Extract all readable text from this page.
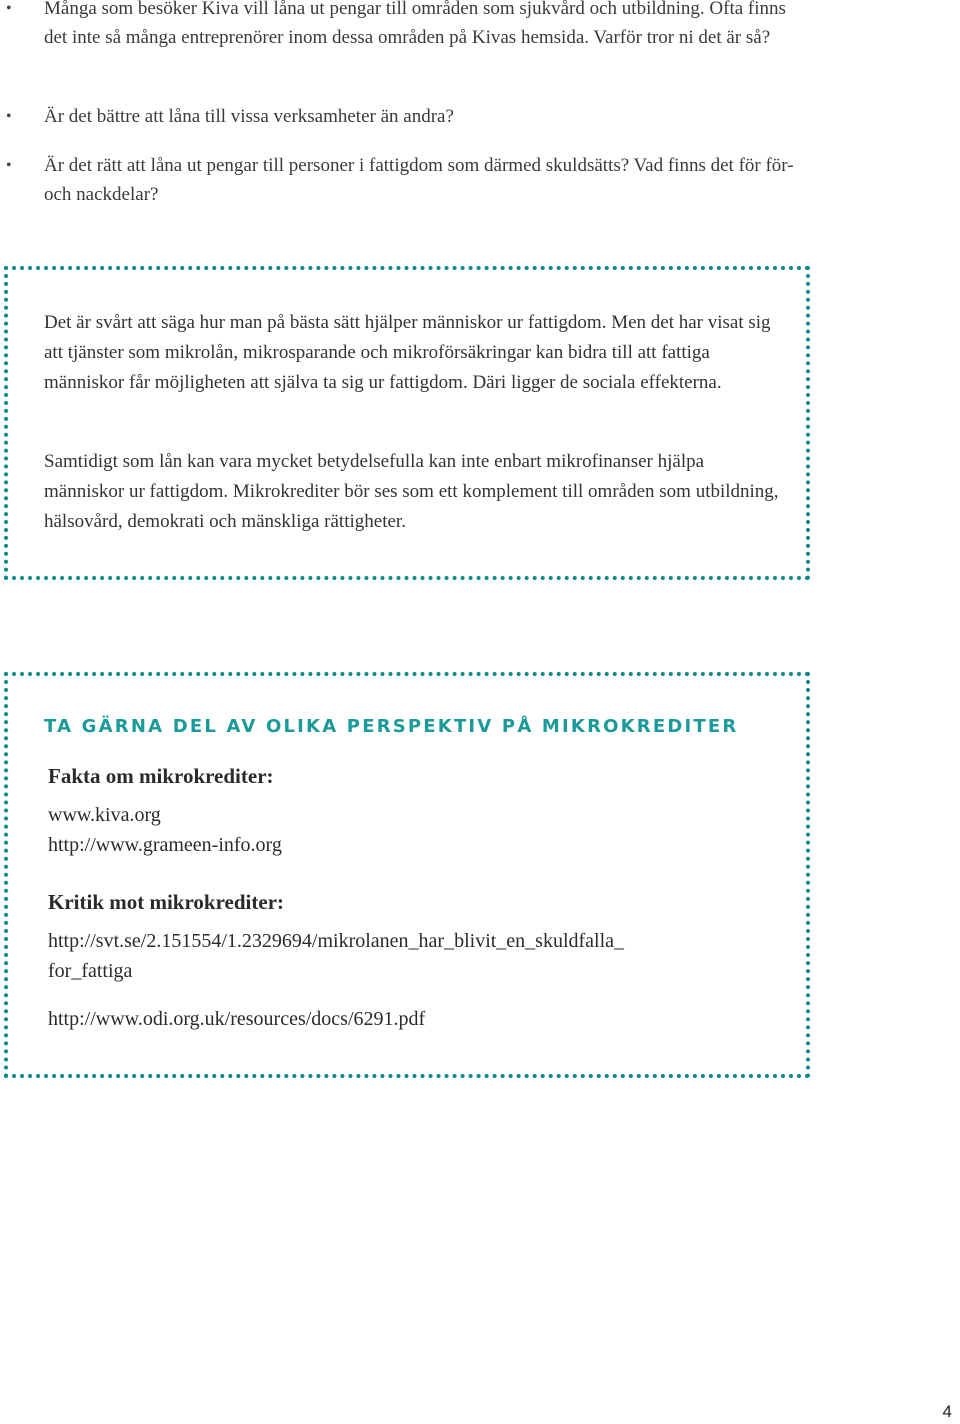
• Många som besöker Kiva vill låna ut pengar till områden som sjukvård och utbildning. Ofta finns det inte så många entreprenörer inom dessa områden på Kivas hemsida. Varför tror ni det är så?
• Är det bättre att låna till vissa verksamheter än andra?
• Är det rätt att låna ut pengar till personer i fattigdom som därmed skuldsätts? Vad finns det för för- och nackdelar?

Det är svårt att säga hur man på bästa sätt hjälper människor ur fattigdom. Men det har visat sig att tjänster som mikrolån, mikrosparande och mikroförsäkringar kan bidra till att fattiga människor får möjligheten att själva ta sig ur fattigdom. Däri ligger de sociala effekterna.

Samtidigt som lån kan vara mycket betydelsefulla kan inte enbart mikrofinanser hjälpa människor ur fattigdom. Mikrokrediter bör ses som ett komplement till områden som utbildning, hälsovård, demokrati och mänskliga rättigheter.

TA GÄRNA DEL AV OLIKA PERSPEKTIV PÅ MIKROKREDITER
Fakta om mikrokrediter:

www.kiva.org

http://www.grameen-info.org

Kritik mot mikrokrediter:

http://svt.se/2.151554/1.2329694/mikrolanen_har_blivit_en_skuldfalla_

for_fattiga

http://www.odi.org.uk/resources/docs/6291.pdf

4
